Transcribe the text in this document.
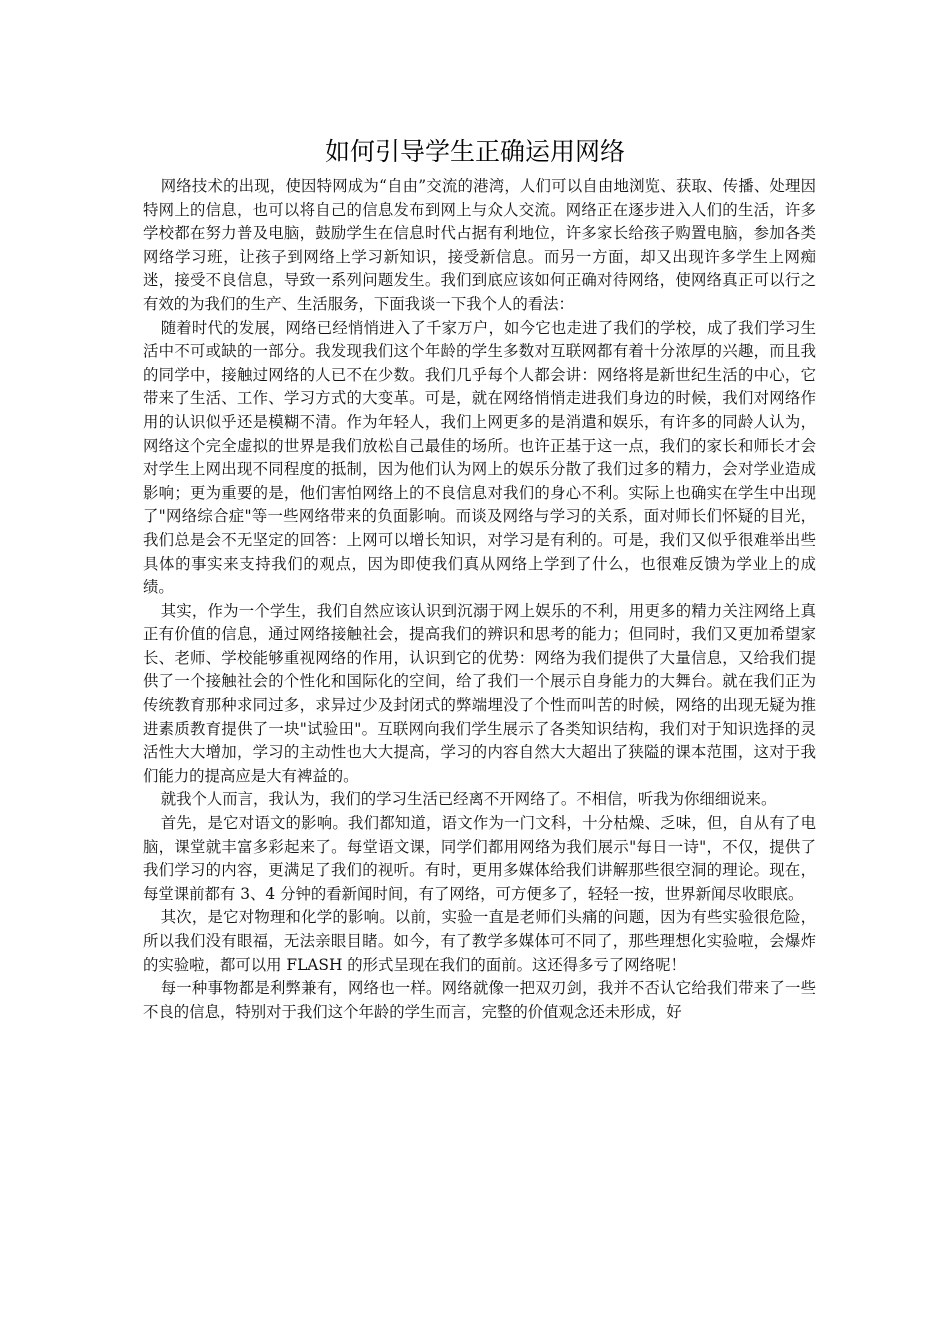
如何引导学生正确运用网络

网络技术的出现，使因特网成为“自由”交流的港湾，人们可以自由地浏览、获取、传播、处理因特网上的信息，也可以将自己的信息发布到网上与众人交流。网络正在逐步进入人们的生活，许多学校都在努力普及电脑，鼓励学生在信息时代占据有利地位，许多家长给孩子购置电脑，参加各类网络学习班，让孩子到网络上学习新知识，接受新信息。而另一方面，却又出现许多学生上网痴迷，接受不良信息，导致一系列问题发生。我们到底应该如何正确对待网络，使网络真正可以行之有效的为我们的生产、生活服务，下面我谈一下我个人的看法：

随着时代的发展，网络已经悄悄进入了千家万户，如今它也走进了我们的学校，成了我们学习生活中不可或缺的一部分。我发现我们这个年龄的学生多数对互联网都有着十分浓厚的兴趣，而且我的同学中，接触过网络的人已不在少数。我们几乎每个人都会讲：网络将是新世纪生活的中心，它带来了生活、工作、学习方式的大变革。可是，就在网络悄悄走进我们身边的时候，我们对网络作用的认识似乎还是模糊不清。作为年轻人，我们上网更多的是消遣和娱乐，有许多的同龄人认为，网络这个完全虚拟的世界是我们放松自己最佳的场所。也许正基于这一点，我们的家长和师长才会对学生上网出现不同程度的抵制，因为他们认为网上的娱乐分散了我们过多的精力，会对学业造成影响；更为重要的是，他们害怕网络上的不良信息对我们的身心不利。实际上也确实在学生中出现了"网络综合症"等一些网络带来的负面影响。而谈及网络与学习的关系，面对师长们怀疑的目光，我们总是会不无坚定的回答：上网可以增长知识，对学习是有利的。可是，我们又似乎很难举出些具体的事实来支持我们的观点，因为即使我们真从网络上学到了什么，也很难反馈为学业上的成绩。

其实，作为一个学生，我们自然应该认识到沉溺于网上娱乐的不利，用更多的精力关注网络上真正有价值的信息，通过网络接触社会，提高我们的辨识和思考的能力；但同时，我们又更加希望家长、老师、学校能够重视网络的作用，认识到它的优势：网络为我们提供了大量信息，又给我们提供了一个接触社会的个性化和国际化的空间，给了我们一个展示自身能力的大舞台。就在我们正为传统教育那种求同过多，求异过少及封闭式的弊端埋没了个性而叫苦的时候，网络的出现无疑为推进素质教育提供了一块"试验田"。互联网向我们学生展示了各类知识结构，我们对于知识选择的灵活性大大增加，学习的主动性也大大提高，学习的内容自然大大超出了狭隘的课本范围，这对于我们能力的提高应是大有裨益的。

就我个人而言，我认为，我们的学习生活已经离不开网络了。不相信，听我为你细细说来。

首先，是它对语文的影响。我们都知道，语文作为一门文科，十分枯燥、乏味，但，自从有了电脑，课堂就丰富多彩起来了。每堂语文课，同学们都用网络为我们展示"每日一诗"，不仅，提供了我们学习的内容，更满足了我们的视听。有时，更用多媒体给我们讲解那些很空洞的理论。现在，每堂课前都有 3、4 分钟的看新闻时间，有了网络，可方便多了，轻轻一按，世界新闻尽收眼底。

其次，是它对物理和化学的影响。以前，实验一直是老师们头痛的问题，因为有些实验很危险，所以我们没有眼福，无法亲眼目睹。如今，有了教学多媒体可不同了，那些理想化实验啦，会爆炸的实验啦，都可以用 FLASH 的形式呈现在我们的面前。这还得多亏了网络呢！

每一种事物都是利弊兼有，网络也一样。网络就像一把双刃剑，我并不否认它给我们带来了一些不良的信息，特别对于我们这个年龄的学生而言，完整的价值观念还未形成，好
